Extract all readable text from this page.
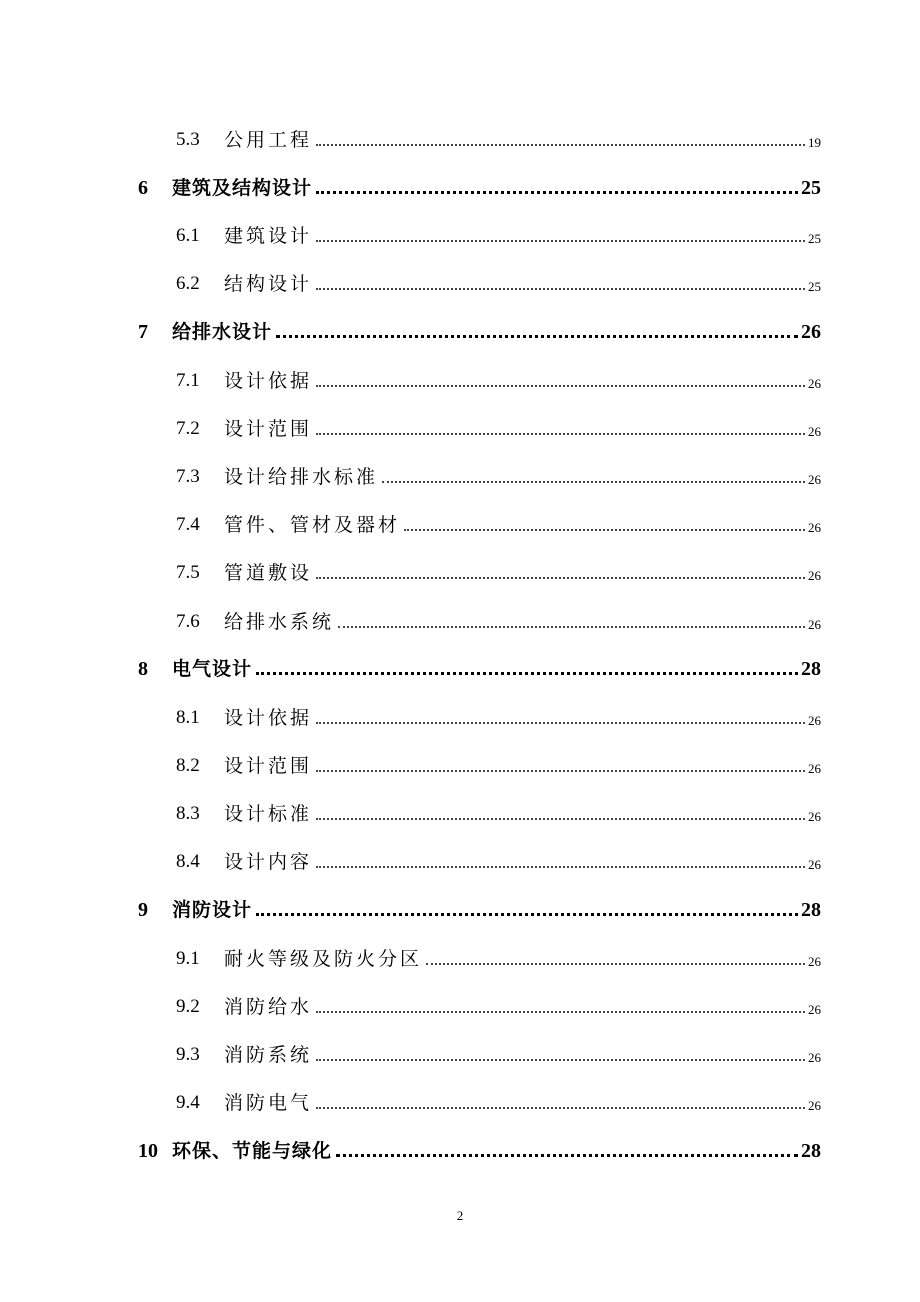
5.3	公用工程	19
6	建筑及结构设计	25
6.1	建筑设计	25
6.2	结构设计	25
7	给排水设计	26
7.1	设计依据	26
7.2	设计范围	26
7.3	设计给排水标准	26
7.4	管件、管材及器材	26
7.5	管道敷设	26
7.6	给排水系统	26
8	电气设计	28
8.1	设计依据	26
8.2	设计范围	26
8.3	设计标准	26
8.4	设计内容	26
9	消防设计	28
9.1	耐火等级及防火分区	26
9.2	消防给水	26
9.3	消防系统	26
9.4	消防电气	26
10 环保、节能与绿化	28
2
